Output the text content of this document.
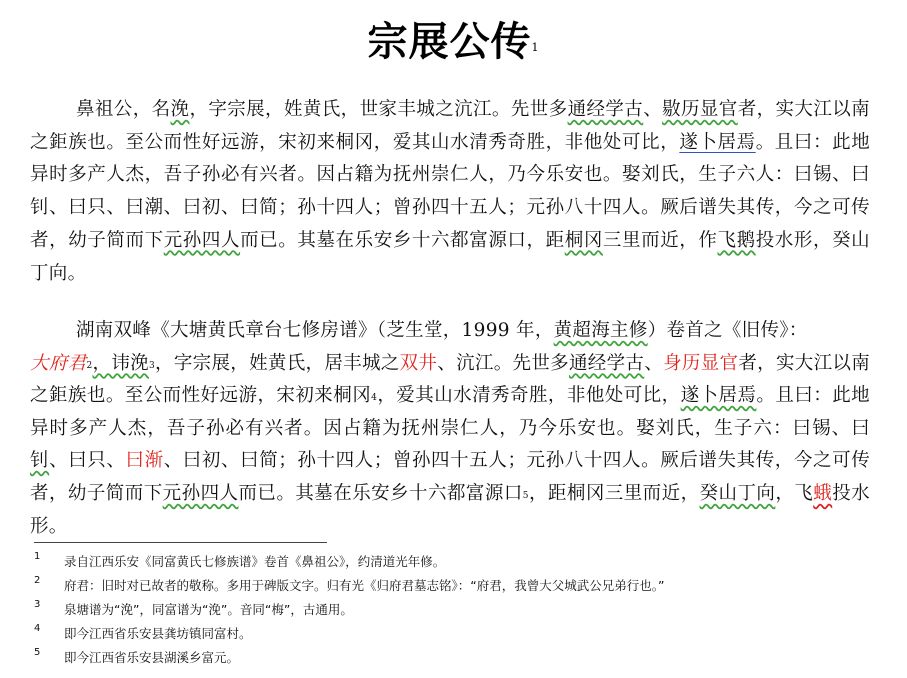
宗展公传$^1$
鼻祖公，名浼，字宗展，姓黄氏，世家丰城之沆江。先世多通经学古、敭历显官者，实大江以南之鉅族也。至公而性好远游，宋初来桐冈，爱其山水清秀奇胜，非他处可比，遂卜居焉。且曰：此地异时多产人杰，吾子孙必有兴者。因占籍为抚州崇仁人，乃今乐安也。娶刘氏，生子六人：曰锡、曰钊、曰只、曰潮、曰初、曰简；孙十四人；曾孙四十五人；元孙八十四人。厥后谱失其传，今之可传者，幼子简而下元孙四人而已。其墓在乐安乡十六都富源口，距桐冈三里而近，作飞鹅投水形，癸山丁向。
湖南双峰《大塘黄氏章台七修房谱》（芝生堂，1999 年，黄超海主修）卷首之《旧传》：
大府君$^2$，讳浼$^3$，字宗展，姓黄氏，居丰城之双井、沆江。先世多通经学古、身历显官者，实大江以南之鉅族也。至公而性好远游，宋初来桐冈$^4$，爱其山水清秀奇胜，非他处可比，遂卜居焉。且曰：此地异时多产人杰，吾子孙必有兴者。因占籍为抚州崇仁人，乃今乐安也。娶刘氏，生子六：曰锡、曰钊、曰只、曰渐、曰初、曰简；孙十四人；曾孙四十五人；元孙八十四人。厥后谱失其传，今之可传者，幼子简而下元孙四人而已。其墓在乐安乡十六都富源口$^5$，距桐冈三里而近，癸山丁向，飞蛾投水形。
1 录自江西乐安《同富黄氏七修族谱》卷首《鼻祖公》，约清道光年修。
2 府君：旧时对已故者的敬称。多用于碑版文字。归有光《归府君墓志铭》：“府君，我曾大父城武公兄弟行也。”
3 泉塘谱为“浼”，同富谱为“浼”。音同“梅”，古通用。
4 即今江西省乐安县龚坊镇同富村。
5 即今江西省乐安县湖溪乡富元。
